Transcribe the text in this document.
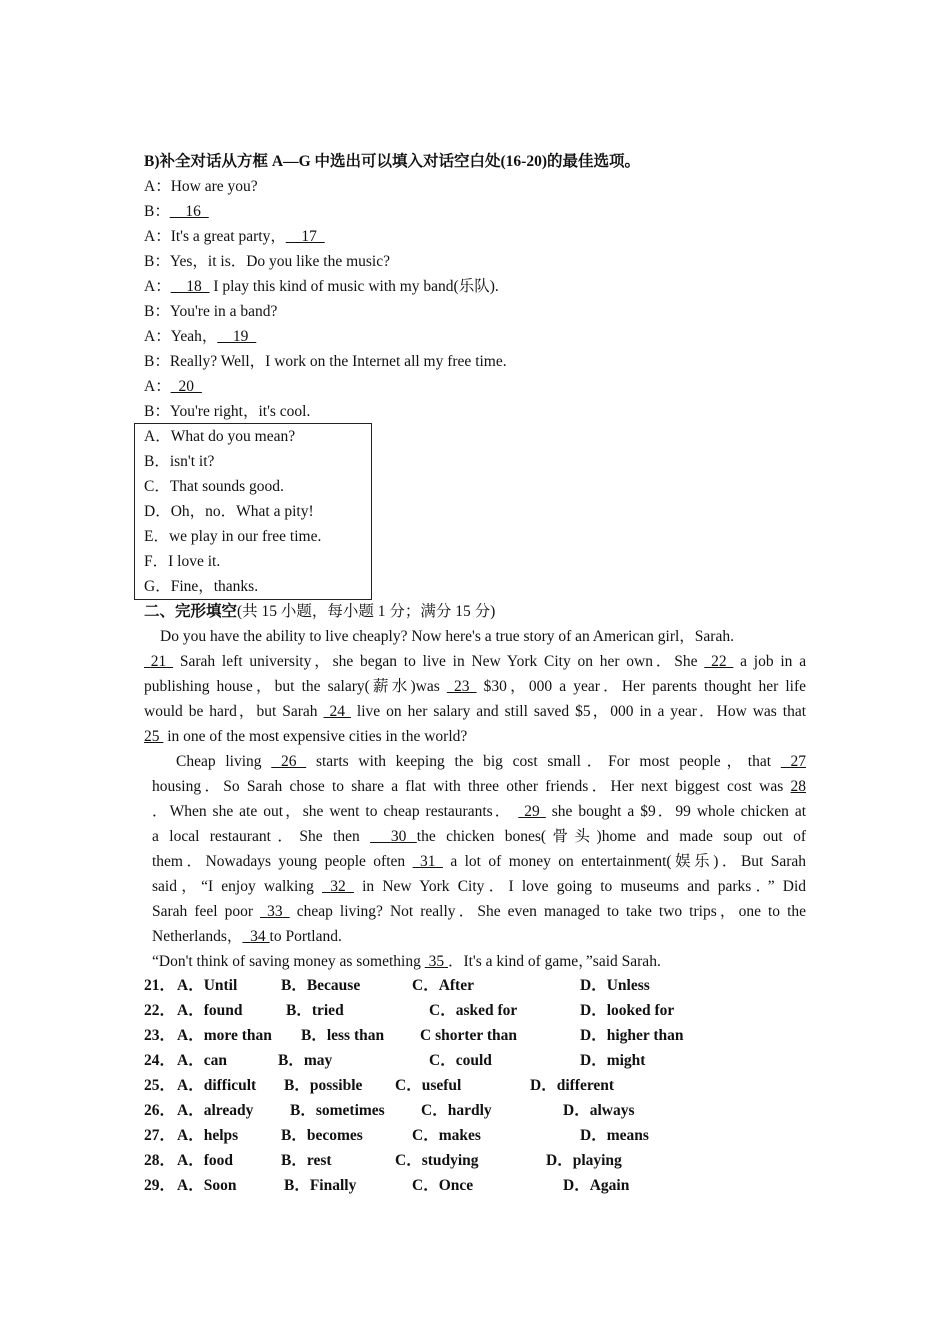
B)补全对话从方框 A—G 中选出可以填入对话空白处(16-20)的最佳选项。
A：How are you?
B：__16_
A：It's a great party，__17_
B：Yes，it is．Do you like the music?
A：__18_ I play this kind of music with my band(乐队).
B：You're in a band?
A：Yeah，__19_
B：Really? Well，I work on the Internet all my free time.
A：_20_
B：You're right，it's cool.
A．What do you mean?
B．isn't it?
C．That sounds good.
D．Oh，no．What a pity!
E．we play in our free time.
F．I love it.
G．Fine，thanks.
二、完形填空(共 15 小题，每小题 1 分；满分 15 分)
Do you have the ability to live cheaply? Now here's a true story of an American girl，Sarah.
21 Sarah left university，she began to live in New York City on her own．She 22 a job in a
publishing house，but the salary(薪水)was 23 $30，000 a year．Her parents thought her life
would be hard，but Sarah 24 live on her salary and still saved $5，000 in a year．How was that
25 in one of the most expensive cities in the world?
Cheap living 26 starts with keeping the big cost small．For most people，that 27
housing．So Sarah chose to share a flat with three other friends．Her next biggest cost was 28
．When she ate out，she went to cheap restaurants． 29 she bought a $9．99 whole chicken at
a local restaurant．She then 30 the chicken bones(骨头)home and made soup out of
them．Nowadays young people often 31 a lot of money on entertainment(娱乐)．But Sarah
said，“I enjoy walking 32 in New York City．I love going to museums and parks．” Did
Sarah feel poor 33 cheap living? Not really．She even managed to take two trips，one to the
Netherlands， 34 to Portland.
“Don't think of saving money as something 35 ．It's a kind of game，”said Sarah.
21． A．Until	B．Because	C．After	D．Unless
22． A．found	B．tried	C．asked for	D．looked for
23． A．more than B．less than C shorter than	D．higher than
24． A．can	B．may	C．could	D．might
25． A．difficult B．possible C．useful	D．different
26． A．already B．sometimes C．hardly	D．always
27． A．helps	B．becomes	C．makes	D．means
28． A．food	B．rest	C．studying	D．playing
29． A．Soon	B．Finally	C．Once	D．Again
